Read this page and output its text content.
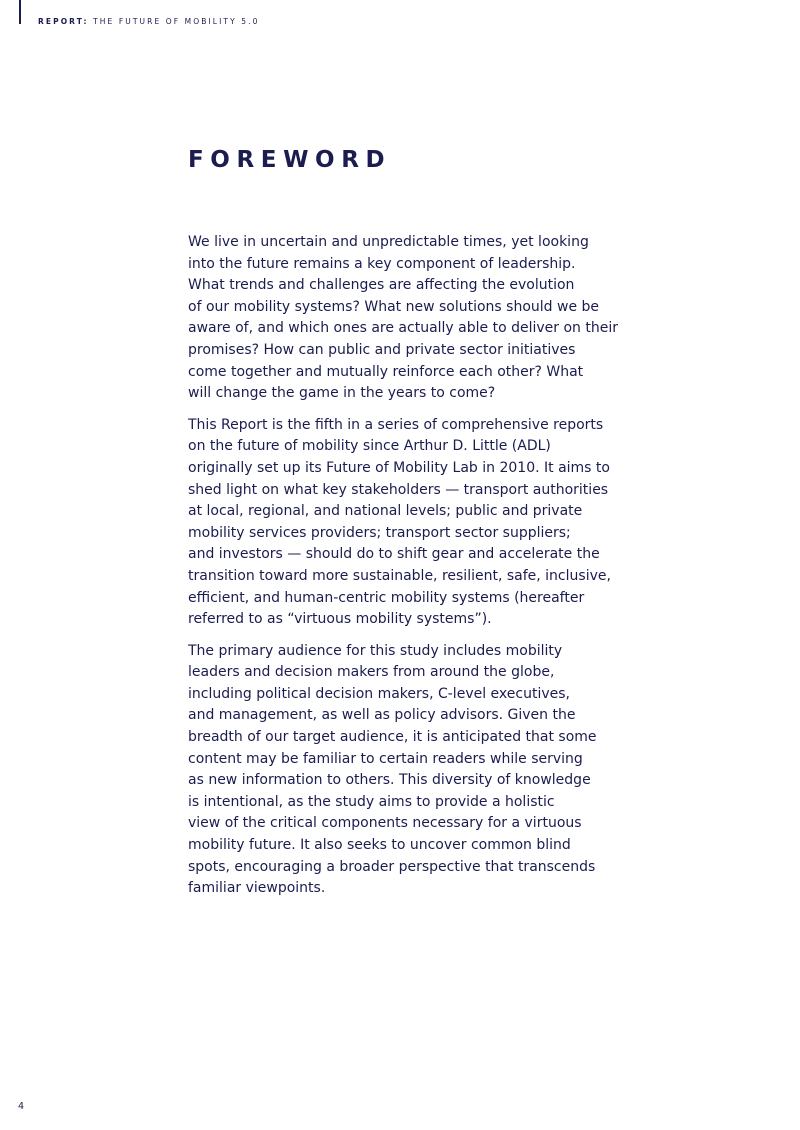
REPORT: THE FUTURE OF MOBILITY 5.0
FOREWORD

We live in uncertain and unpredictable times, yet looking
into the future remains a key component of leadership.
What trends and challenges are affecting the evolution
of our mobility systems? What new solutions should we be
aware of, and which ones are actually able to deliver on their
promises? How can public and private sector initiatives
come together and mutually reinforce each other? What
will change the game in the years to come?

This Report is the fifth in a series of comprehensive reports
on the future of mobility since Arthur D. Little (ADL)
originally set up its Future of Mobility Lab in 2010. It aims to
shed light on what key stakeholders — transport authorities
at local, regional, and national levels; public and private
mobility services providers; transport sector suppliers;
and investors — should do to shift gear and accelerate the
transition toward more sustainable, resilient, safe, inclusive,
efficient, and human-centric mobility systems (hereafter
referred to as “virtuous mobility systems”).

The primary audience for this study includes mobility
leaders and decision makers from around the globe,
including political decision makers, C-level executives,
and management, as well as policy advisors. Given the
breadth of our target audience, it is anticipated that some
content may be familiar to certain readers while serving
as new information to others. This diversity of knowledge
is intentional, as the study aims to provide a holistic
view of the critical components necessary for a virtuous
mobility future. It also seeks to uncover common blind
spots, encouraging a broader perspective that transcends
familiar viewpoints.

4
